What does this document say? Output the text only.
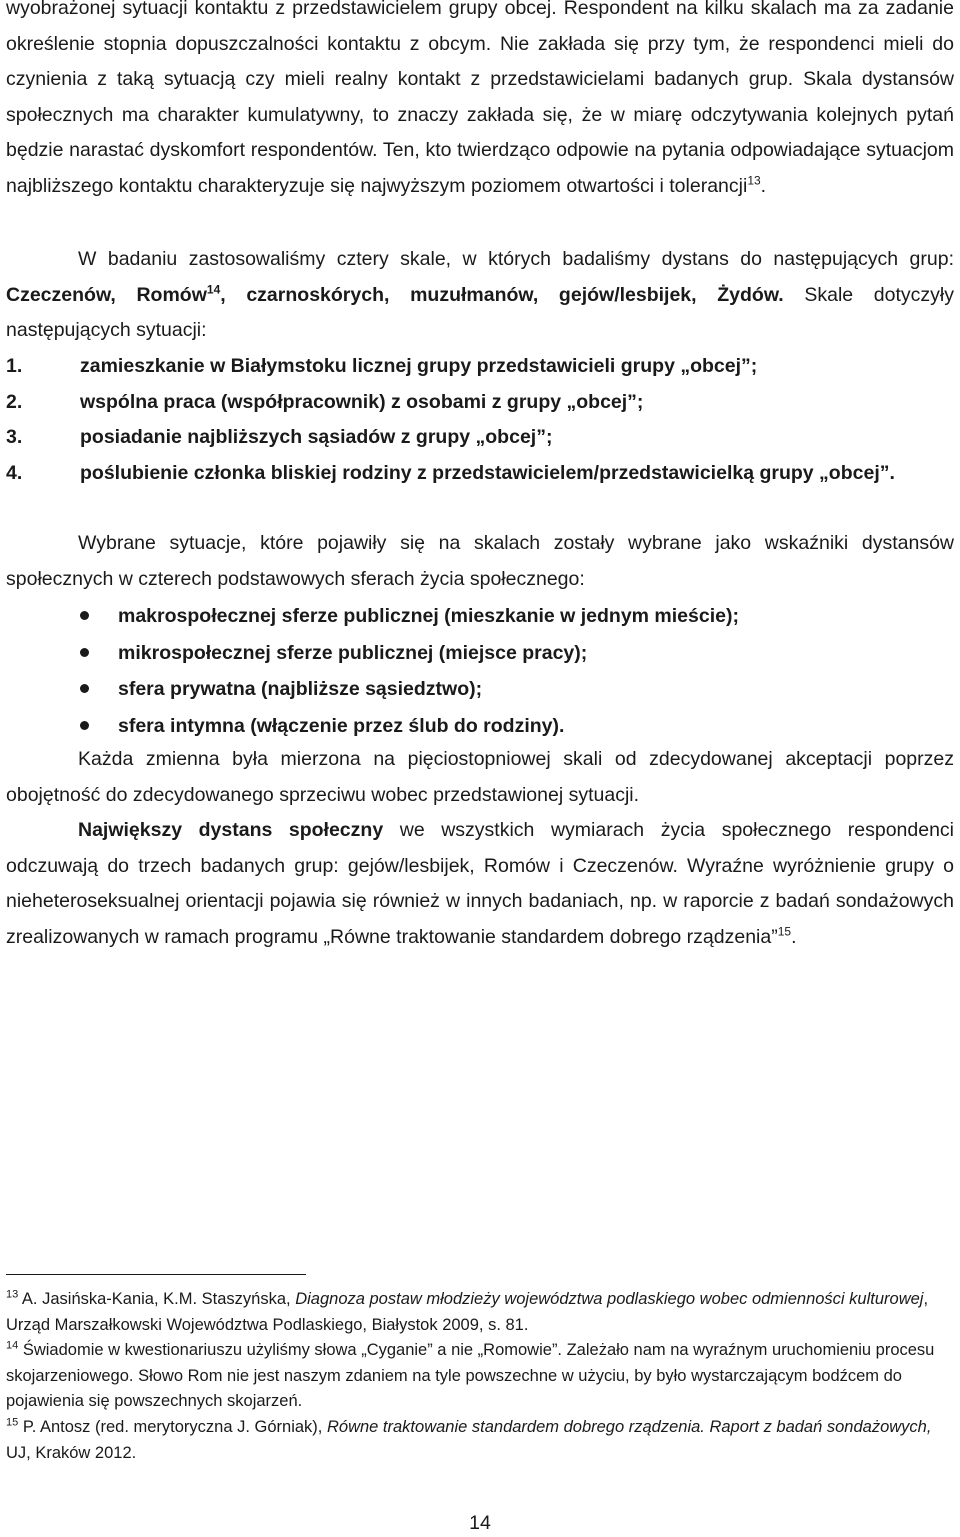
wyobrażonej sytuacji kontaktu z przedstawicielem grupy obcej. Respondent na kilku skalach ma za zadanie określenie stopnia dopuszczalności kontaktu z obcym. Nie zakłada się przy tym, że respondenci mieli do czynienia z taką sytuacją czy mieli realny kontakt z przedstawicielami badanych grup. Skala dystansów społecznych ma charakter kumulatywny, to znaczy zakłada się, że w miarę odczytywania kolejnych pytań będzie narastać dyskomfort respondentów. Ten, kto twierdząco odpowie na pytania odpowiadające sytuacjom najbliższego kontaktu charakteryzuje się najwyższym poziomem otwartości i tolerancji$^{13}$.

W badaniu zastosowaliśmy cztery skale, w których badaliśmy dystans do następujących grup: Czeczenów, Romów$^{14}$, czarnoskórych, muzułmanów, gejów/lesbijek, Żydów. Skale dotyczyły następujących sytuacji:

1.	zamieszkanie w Białymstoku licznej grupy przedstawicieli grupy „obcej”;
2.	wspólna praca (współpracownik) z osobami z grupy „obcej”;
3.	posiadanie najbliższych sąsiadów z grupy „obcej”;
4.	poślubienie członka bliskiej rodziny z przedstawicielem/przedstawicielką grupy „obcej”.

Wybrane sytuacje, które pojawiły się na skalach zostały wybrane jako wskaźniki dystansów społecznych w czterech podstawowych sferach życia społecznego:

makrospołecznej sferze publicznej (mieszkanie w jednym mieście);
mikrospołecznej sferze publicznej (miejsce pracy);
sfera prywatna (najbliższe sąsiedztwo);
sfera intymna (włączenie przez ślub do rodziny).

Każda zmienna była mierzona na pięciostopniowej skali od zdecydowanej akceptacji poprzez obojętność do zdecydowanego sprzeciwu wobec przedstawionej sytuacji.

Największy dystans społeczny we wszystkich wymiarach życia społecznego respondenci odczuwają do trzech badanych grup: gejów/lesbijek, Romów i Czeczenów. Wyraźne wyróżnienie grupy o nieheteroseksualnej orientacji pojawia się również w innych badaniach, np. w raporcie z badań sondażowych zrealizowanych w ramach programu „Równe traktowanie standardem dobrego rządzenia”$^{15}$.

$^{13}$ A. Jasińska-Kania, K.M. Staszyńska, Diagnoza postaw młodzieży województwa podlaskiego wobec odmienności kulturowej, Urząd Marszałkowski Województwa Podlaskiego, Białystok 2009, s. 81.

$^{14}$ Świadomie w kwestionariuszu użyliśmy słowa „Cyganie” a nie „Romowie”. Zależało nam na wyraźnym uruchomieniu procesu skojarzeniowego. Słowo Rom nie jest naszym zdaniem na tyle powszechne w użyciu, by było wystarczającym bodźcem do pojawienia się powszechnych skojarzeń.

$^{15}$ P. Antosz (red. merytoryczna J. Górniak), Równe traktowanie standardem dobrego rządzenia. Raport z badań sondażowych, UJ, Kraków 2012.

14
